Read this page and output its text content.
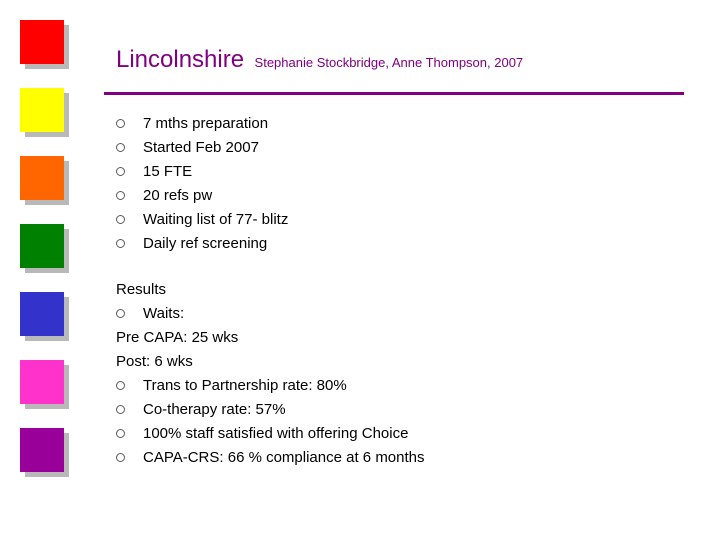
Lincolnshire Stephanie Stockbridge, Anne Thompson, 2007
7 mths preparation
Started Feb 2007
15 FTE
20 refs pw
Waiting list of 77- blitz
Daily ref screening
Results
Waits:
Pre CAPA: 25 wks
Post: 6 wks
Trans to Partnership rate: 80%
Co-therapy rate: 57%
100% staff satisfied with offering Choice
CAPA-CRS: 66 % compliance at 6 months
